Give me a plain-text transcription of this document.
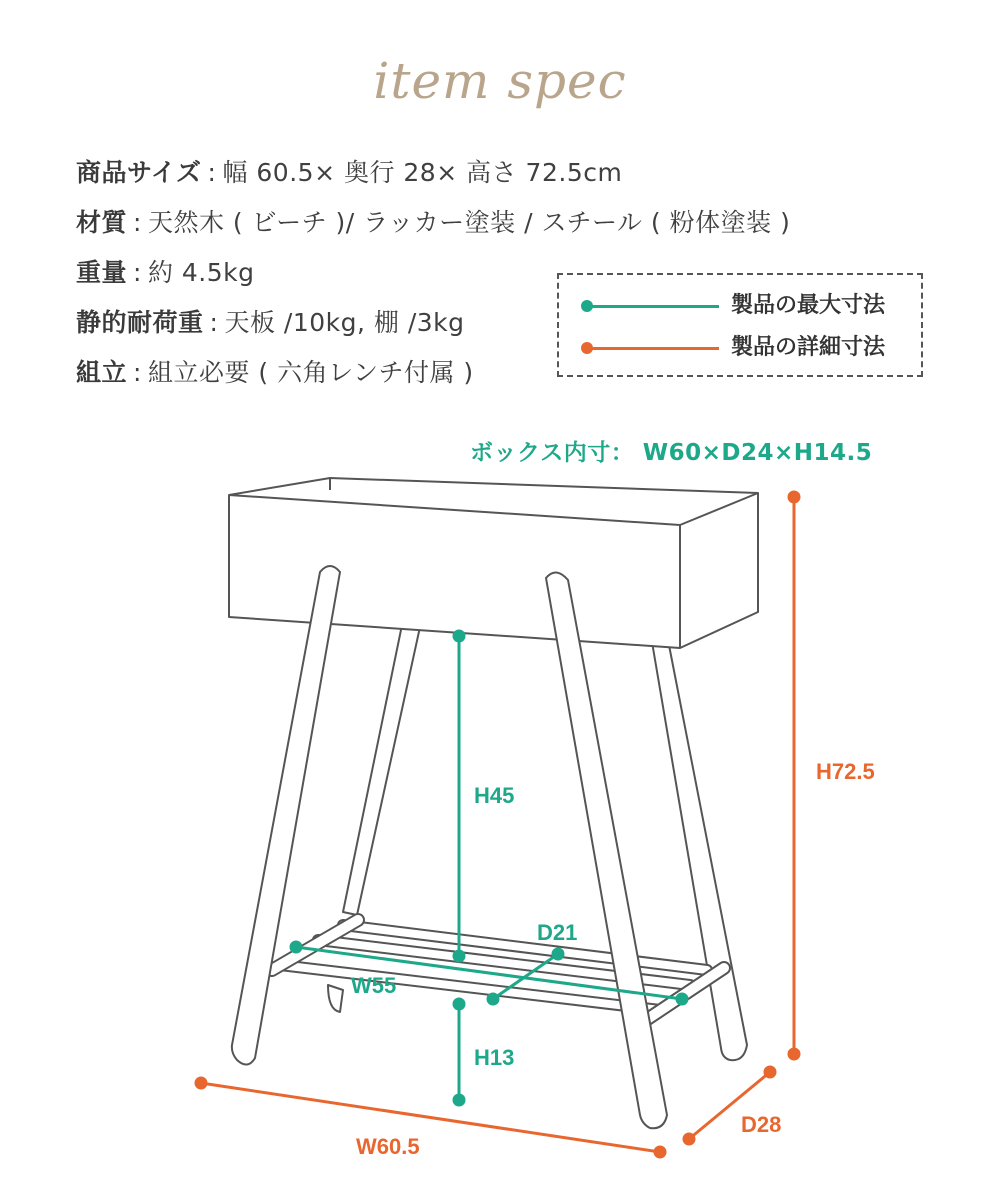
item spec
商品サイズ : 幅 60.5× 奥行 28× 高さ 72.5cm
材質 : 天然木 ( ビーチ )/ ラッカー塗装 / スチール ( 粉体塗装 )
重量 : 約 4.5kg
静的耐荷重 : 天板 /10kg, 棚 /3kg
組立 : 組立必要 ( 六角レンチ付属 )
製品の最大寸法
製品の詳細寸法
ボックス内寸： W60×D24×H14.5
H45
D21
W55
H13
H72.5
W60.5
D28
